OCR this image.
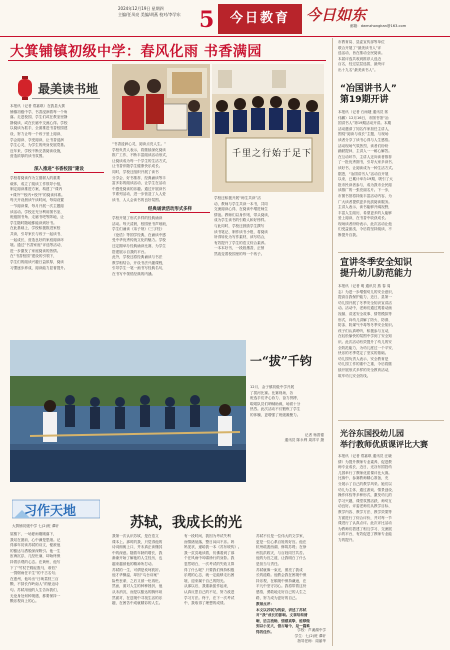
2024年12月19日 星期四
主编/任凤亮 美编/胡燕 校对/李学东 5	今日教育	今日如东
邮箱：dwmzhongkan@163.com
大箕铺镇初级中学：春风化雨 书香满园
最美读书地
本报讯（记者 郑嘉琪）在我县大箕
铺镇初级中学，书香浸润着每一个角
落。走进校园，学生们或在教室里静
静阅读，或在长廊中交流心得。学校
以阅读为抓手，全面推进书香校园建
设，努力让每一个孩子爱上阅读、
学会阅读、享受阅读，让书香浸润
学生心灵，为学生的终身发展奠基。
近年来，学校不断完善阅读设施，
营造浓厚的读书氛围。	千里之行始于足下
深入推进“书香校园”建设
学校将阅读作为立德树人的重要
载体，成立了阅读工作领导小组，
制定阅读推进方案，构建了“课内
+课外”“校内+校外”的阅读体系。
每天开设晨读午读时间，每周设置
一节阅读课，每月开展一次主题阅
读活动。学校还充分利用图书室、
班级图书角、走廊书吧等阵地，让
学生随时随地都能读到好书。
在此基础上，学校积极推进家校
共读，引导家长与孩子一起读书、
一起成长，营造良好的家庭阅读环
境。通过“书香家庭”评选等活动，
进一步激发了家庭阅读的热情。
在“书香校园”建设的引领下，
学生们的阅读兴趣日益浓厚，阅读
习惯逐步养成，阅读能力显著提升。
“书香浸润心灵，阅读点亮人生。”
学校负责人表示，将继续深化阅读
推广工作，不断丰富阅读活动形式，
让阅读成为每一个学生的生活方式，
让书香伴随学生健康快乐成长。
同时，学校还组织开展了读书
分享会、好书推荐、经典诵读等丰
富多彩的阅读活动，让学生在活动
中感受阅读的乐趣。通过开展读书
节系列活动，进一步营造了人人爱
读书、人人会读书的良好氛围。
经典诵读活动形式多样
学校开展了形式多样的经典诵读
活动。每天清晨，校园里书声琅琅，
学生们诵读《弟子规》《三字经》
《论语》等国学经典，在诵读中感
受中华优秀传统文化的魅力。学校
还定期举办经典诵读比赛，为学生
搭建展示自我的平台。
此外，学校还将经典诵读与书法
教学相结合，开设书法兴趣课程，
引导学生一笔一画书写经典名句，
在书写中领悟经典的内涵。
学校还积极开展“师生共读”活
动，教师与学生共读一本书，共同
交流阅读心得，在阅读中增进师生
情谊。教师们以身作则，带头阅读，
成为学生读书的引路人和好榜样。
与此同时，学校还鼓励学生撰写
读书笔记、制作读书小报，将阅读
所得转化为写作素材，读写结合，
有效提升了学生的语文综合素养。
一本本好书，一段段墨香，正悄
然改变着校园里的每一个孩子。
一“拔”千钧
12月，金子镇初级中学开展
了拔河比赛。比赛现场，各
班选手们齐心协力、奋力拼搏，
啦啦队员们呐喊助威，场面十分
热烈。此次活动不仅锻炼了学生
的体魄，更增强了班级凝聚力。
记者 杨善德
通讯员 陈永利 周祥平 摄
习作天地
大箕铺初级中学 七(2)班 谭轩
屋檐下，一场夏雨刚刚落下，
我站在窗前，心中满是思绪。记
得那年初读苏轼的诗文，便被他
的豁达与洒脱深深吸引。他一生
宦海沉浮，几经贬谪，却始终保
持着乐观的心态。在黄州，他写
下了“竹杖芒鞋轻胜马，谁怕？
一蓑烟雨任平生”的千古名句；
在惠州，他吟出“日啖荔枝三百
颗，不辞长作岭南人”的豪迈诗
句。苏轼用他的人生告诉我们，
无论身处何种境遇，都要保持一
颗乐观向上的心。
苏轼，我成长的光
我第一次认识苏轼，是在语文
课本上。那时的我，只觉得他的
诗词朗朗上口，并未真正读懂其
中的深意。随着年龄的增长，我
渐渐开始了解他的人生经历，也
越来越被他的精神所打动。
苏轼的一生，可谓是坎坷波折。
他才华横溢，却因“乌台诗案”
险些丧命，之后又被一贬再贬。
然而，面对人生的种种挫折，他
从未消沉，而是以豁达的胸怀坦
然面对，在逆境中寻找生活的乐
趣，在困苦中成就精彩的人生。
有一段时间，我因为考试失利
而情绪低落，整日闷闷不乐。妈
妈见状，递给我一本《苏东坡传》。
我一页页地读着，仿佛看到了那
个在风雨中吟啸徐行的身影。我
忽然明白，一次考试的失败又算
得了什么呢？只要我们保持积极
乐观的心态，就一定能够走出困
境，迎来属于自己的阳光。
从那以后，我重新振作起来，
认真反思自己的不足，努力改进
学习方法。终于，在下一次考试
中，我取得了理想的成绩。
苏轼不仅是一位伟大的文学家，
更是一位心系百姓的好官。他在
杭州疏浚西湖，修筑苏堤；在徐
州抗洪救灾，与百姓同甘共苦。
他的为官之道，让我明白了什么
是担当与责任。
苏轼就像一束光，照亮了我成
长的道路。他教会我在困境中保
持乐观，在顺境中保持谦逊，在
平凡中坚守初心。我将带着这份
感悟，勇敢地走好自己的人生之
路，努力成为更好的自己。
教师点评：
本文以苏轼为线索，讲述了苏轼
对“我”成长的影响。文章结构清
晰，语言流畅，情感真挚，能够做
到以小见大，借古喻今，是一篇难
得的佳作。	学校：芦溪湖中学
学生：七(2)班 谭轩
指导老师：周丽华
市教育局、县委宣传部等单位
联合开展了“最美读书人”评
选活动，旨在推动全民阅读。
本届评选共收到推荐人选近
百名，经过层层选拔，最终评
出十九名“最美读书人”。
“冶国讲书人”
第19期开讲
本报讯（记者 石雨婕 通讯员 郭
伟鹏）12月16日，市图书馆“冶
国讲书人”第19期活动开讲。本期
活动邀请了知名作家担任主讲人，
围绕“阅读与成长”主题，与现场
读者分享了读书心得与人生感悟。
活动现场气氛热烈，读者们纷纷
踊跃提问，主讲人一一耐心解答。
在互动环节，主讲人还向读者推荐
了一批优秀图书，引导大家多读书、
读好书，让阅读成为一种生活方式。
据悉，“冶国讲书人”活动自开展
以来，已累计举办19期，吸引了大
批市民读者参与，成为我市全民阅
读推广的一张亮丽名片。下一步，
市图书馆将持续丰富活动内容，为
广大读者提供更多优质阅读服务。
主讲人表示，读书能够开阔视野，
丰富人生阅历，希望更多的人能够
爱上阅读，在书香中收获成长。
现场读者纷纷表示，此次活动让他
们受益匪浅，今后将坚持阅读，不
断提升自我。
宣讲冬季安全知识
提升幼儿防范能力
本报讯（记者 明 通讯员 燕 春 周
志）为进一步增强幼儿的安全意识，
提高自我保护能力，近日，县第一
幼儿园开展了冬季安全知识宣讲活
动。活动中，老师们通过观看动画
视频、讲述安全故事、情景模拟等
形式，向幼儿讲解了防火、防滑、
防冻、防煤气中毒等冬季安全知识。
孩子们认真聆听，积极参与互动，
在轻松愉快的氛围中学到了安全知
识。此次活动有效提升了幼儿的安
全防范能力，为幼儿度过一个平安、
快乐的冬季奠定了坚实的基础。
幼儿园负责人表示，安全教育是
幼儿园工作的重中之重，今后将继
续开展形式多样的安全教育活动，
筑牢幼儿安全防线。
光谷东国投幼儿园
举行教师优质课评比大赛
本报讯（记者 郑嘉琪 通讯员 汪晓
倩）为提升教师专业素养，促进教
师专业成长，近日，光谷东国投幼
儿园举行了教师优质课评比大赛。
比赛中，参赛教师精心准备，充
分展示了自己的教学风采。她们以
幼儿为主体，通过游戏、情景创设、
操作体验等多种形式，激发幼儿的
学习兴趣，课堂氛围活跃，师幼互
动良好。评委老师们从教学目标、
教学内容、教学方法、教学效果等
方面进行了综合评价，并对每一节
课进行了认真点评。此次评比活动
为教师们搭建了相互学习、交流展
示的平台，有效促进了教师专业能
力的提升。
